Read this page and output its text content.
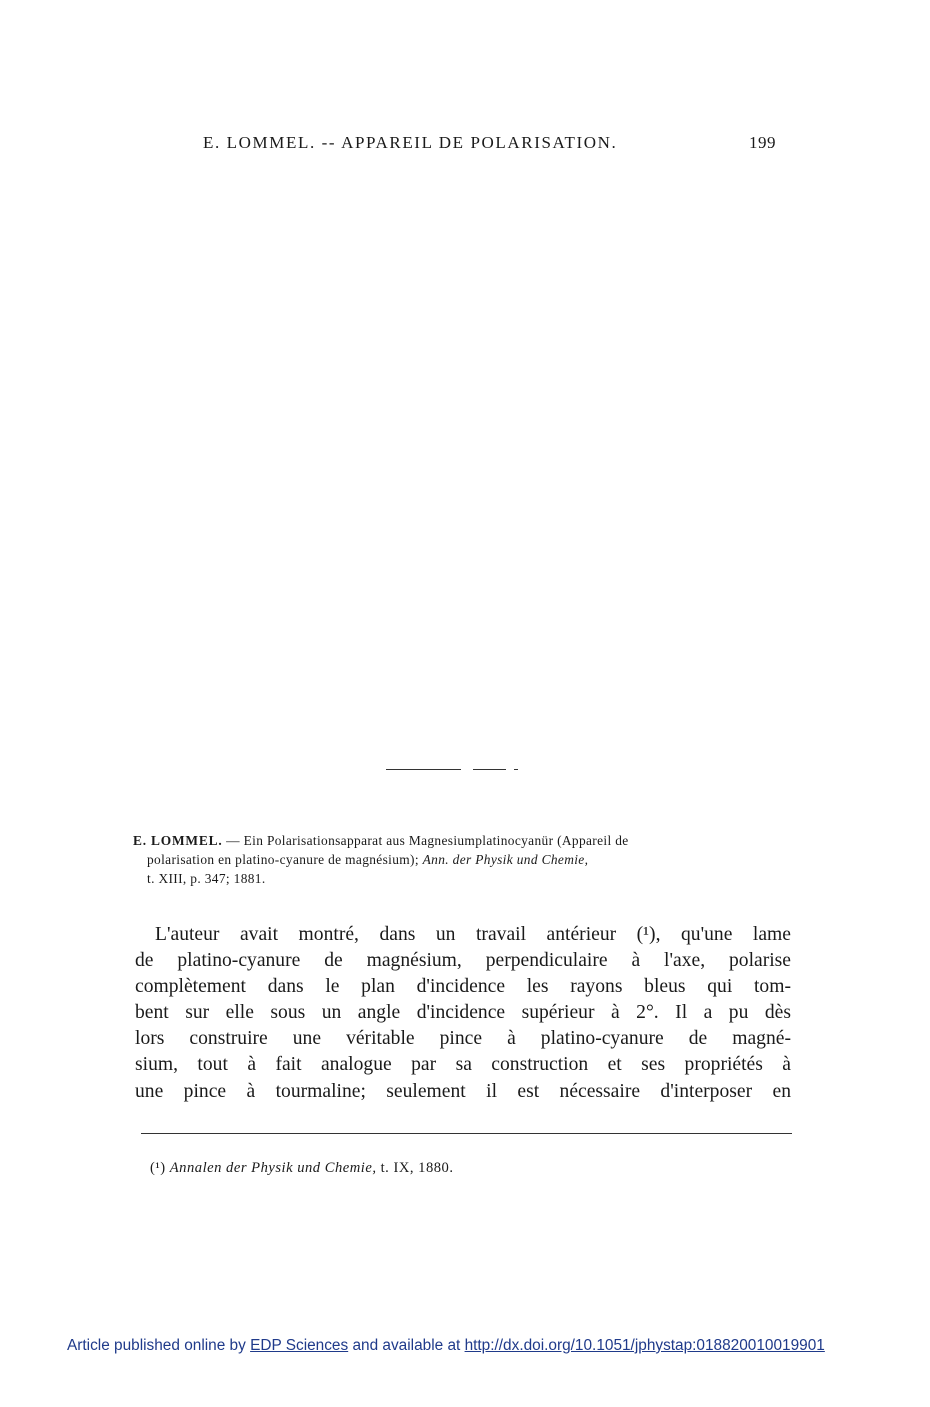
E. LOMMEL. -- APPAREIL DE POLARISATION.	199
E. LOMMEL. — Ein Polarisationsapparat aus Magnesiumplatinocyanür (Appareil de
polarisation en platino-cyanure de magnésium); Ann. der Physik und Chemie,
t. XIII, p. 347; 1881.
L'auteur avait montré, dans un travail antérieur (¹), qu'une lame
de platino-cyanure de magnésium, perpendiculaire à l'axe, polarise
complètement dans le plan d'incidence les rayons bleus qui tom-
bent sur elle sous un angle d'incidence supérieur à 2°. Il a pu dès
lors construire une véritable pince à platino-cyanure de magné-
sium, tout à fait analogue par sa construction et ses propriétés à
une pince à tourmaline; seulement il est nécessaire d'interposer en
(¹) Annalen der Physik und Chemie, t. IX, 1880.
Article published online by EDP Sciences and available at http://dx.doi.org/10.1051/jphystap:018820010019901
